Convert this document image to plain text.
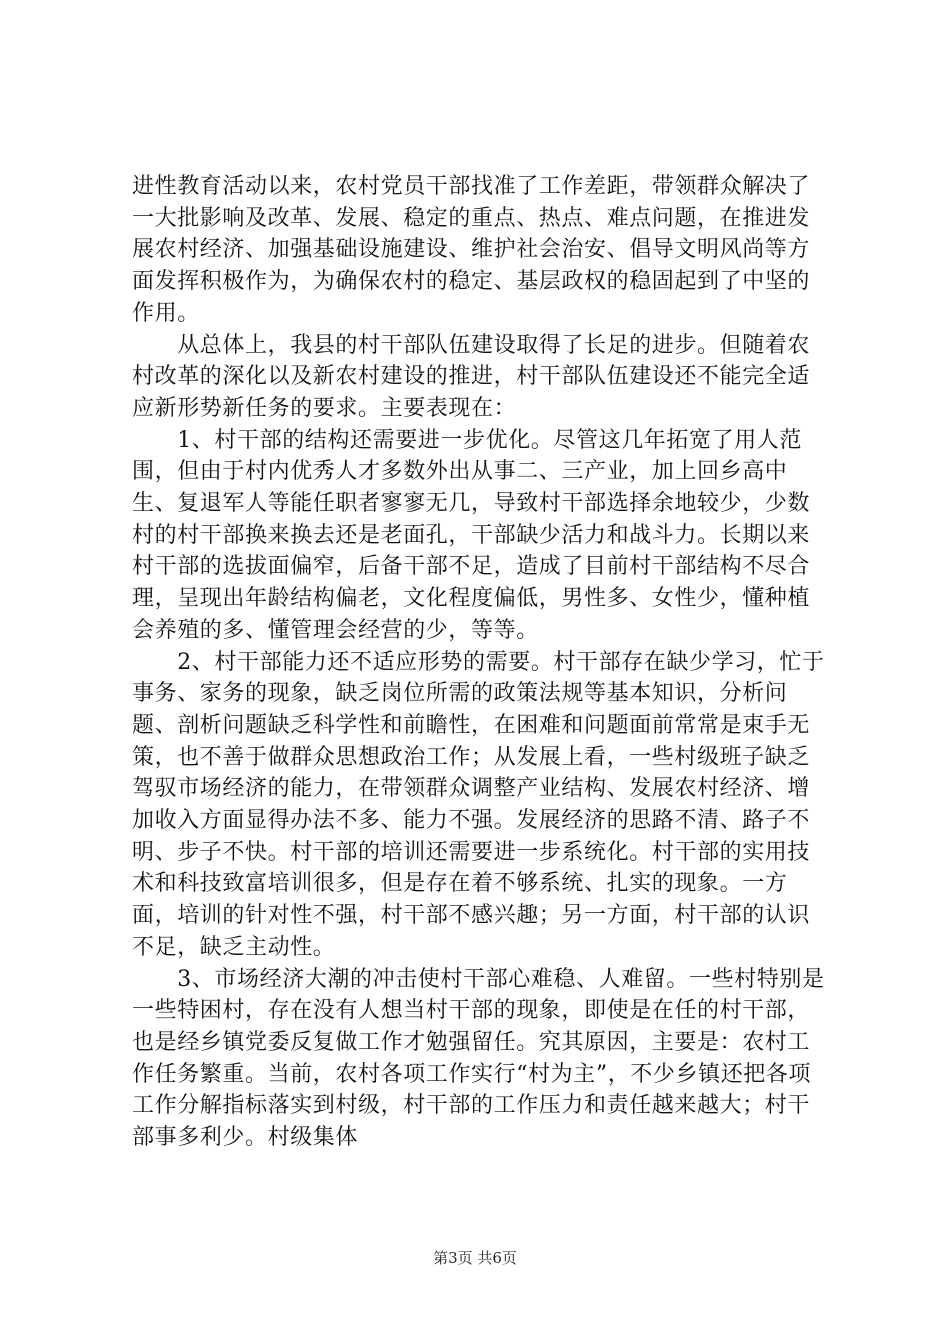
进性教育活动以来，农村党员干部找准了工作差距，带领群众解决了一大批影响及改革、发展、稳定的重点、热点、难点问题，在推进发展农村经济、加强基础设施建设、维护社会治安、倡导文明风尚等方面发挥积极作为，为确保农村的稳定、基层政权的稳固起到了中坚的作用。

　　从总体上，我县的村干部队伍建设取得了长足的进步。但随着农村改革的深化以及新农村建设的推进，村干部队伍建设还不能完全适应新形势新任务的要求。主要表现在：

　　1、村干部的结构还需要进一步优化。尽管这几年拓宽了用人范围，但由于村内优秀人才多数外出从事二、三产业，加上回乡高中生、复退军人等能任职者寥寥无几，导致村干部选择余地较少，少数村的村干部换来换去还是老面孔，干部缺少活力和战斗力。长期以来村干部的选拔面偏窄，后备干部不足，造成了目前村干部结构不尽合理，呈现出年龄结构偏老，文化程度偏低，男性多、女性少，懂种植会养殖的多、懂管理会经营的少，等等。

　　2、村干部能力还不适应形势的需要。村干部存在缺少学习，忙于事务、家务的现象，缺乏岗位所需的政策法规等基本知识，分析问题、剖析问题缺乏科学性和前瞻性，在困难和问题面前常常是束手无策，也不善于做群众思想政治工作；从发展上看，一些村级班子缺乏驾驭市场经济的能力，在带领群众调整产业结构、发展农村经济、增加收入方面显得办法不多、能力不强。发展经济的思路不清、路子不明、步子不快。村干部的培训还需要进一步系统化。村干部的实用技术和科技致富培训很多，但是存在着不够系统、扎实的现象。一方面，培训的针对性不强，村干部不感兴趣；另一方面，村干部的认识不足，缺乏主动性。

　　3、市场经济大潮的冲击使村干部心难稳、人难留。一些村特别是一些特困村，存在没有人想当村干部的现象，即使是在任的村干部，也是经乡镇党委反复做工作才勉强留任。究其原因，主要是：农村工作任务繁重。当前，农村各项工作实行“村为主”，不少乡镇还把各项工作分解指标落实到村级，村干部的工作压力和责任越来越大；村干部事多利少。村级集体

第3页 共6页
